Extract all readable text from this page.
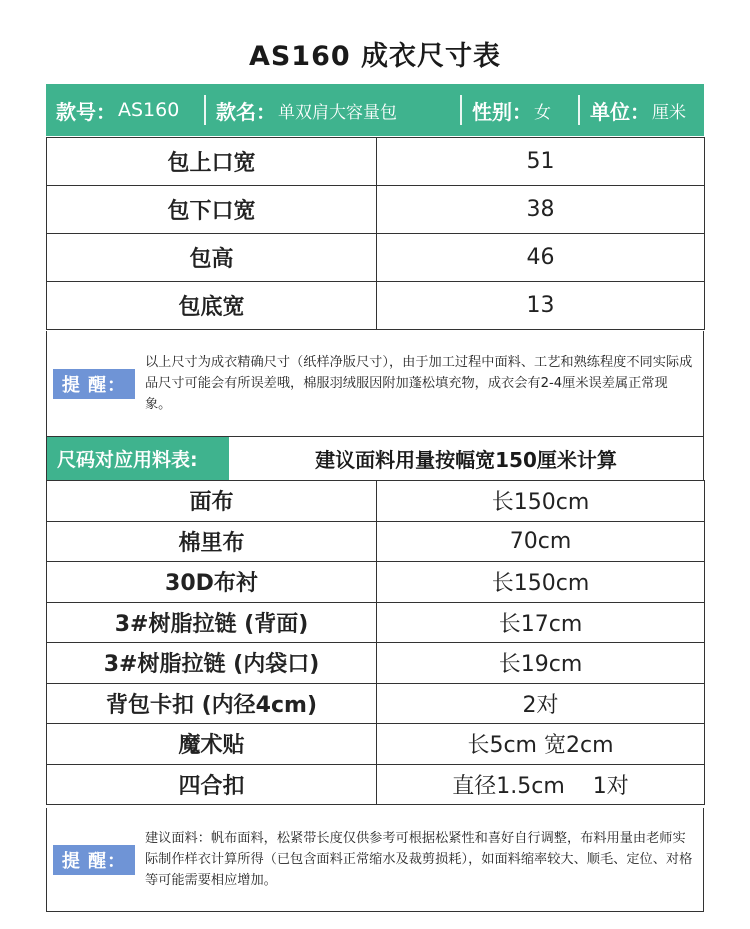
AS160 成衣尺寸表
款号： AS160 款名： 单双肩大容量包	性别： 女 单位： 厘米
包上口宽	51
包下口宽	38
包高	46
包底宽	13
提 醒：
以上尺寸为成衣精确尺寸（纸样净版尺寸），由于加工过程中面料、工艺和熟练程度不同实际成品尺寸可能会有所误差哦，棉服羽绒服因附加蓬松填充物，成衣会有2-4厘米误差属正常现象。
尺码对应用料表:	建议面料用量按幅宽150厘米计算
面布	长150cm
棉里布	70cm
30D布衬	长150cm
3#树脂拉链 (背面)	长17cm
3#树脂拉链 (内袋口)	长19cm
背包卡扣 (内径4cm)	2对
魔术贴	长5cm 宽2cm
四合扣	直径1.5cm    1对
提 醒：
建议面料：帆布面料，松紧带长度仅供参考可根据松紧性和喜好自行调整，布料用量由老师实际制作样衣计算所得（已包含面料正常缩水及裁剪损耗），如面料缩率较大、顺毛、定位、对格等可能需要相应增加。
